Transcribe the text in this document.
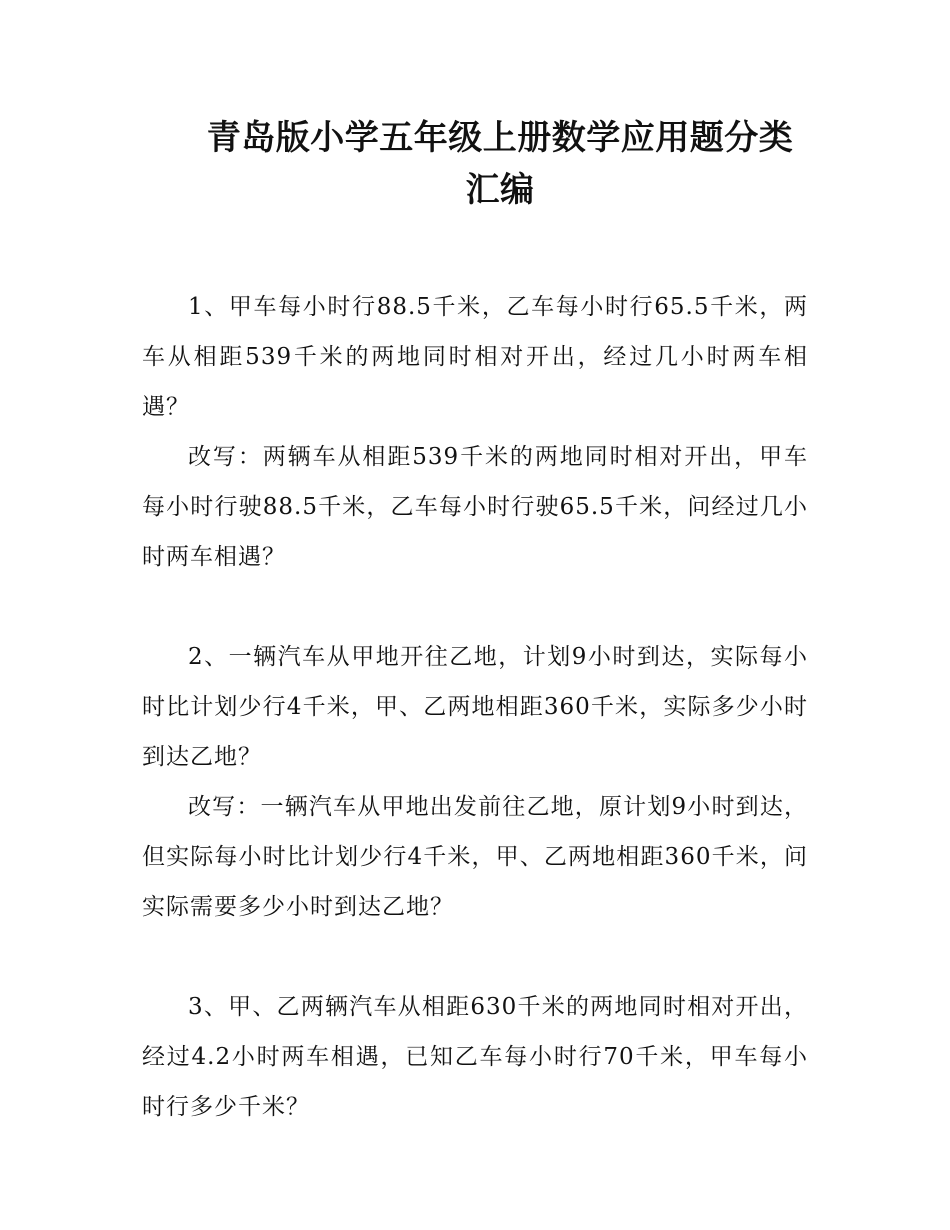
青岛版小学五年级上册数学应用题分类汇编

1、甲车每小时行88.5千米，乙车每小时行65.5千米，两车从相距539千米的两地同时相对开出，经过几小时两车相遇？

改写：两辆车从相距539千米的两地同时相对开出，甲车每小时行驶88.5千米，乙车每小时行驶65.5千米，问经过几小时两车相遇？

2、一辆汽车从甲地开往乙地，计划9小时到达，实际每小时比计划少行4千米，甲、乙两地相距360千米，实际多少小时到达乙地？

改写：一辆汽车从甲地出发前往乙地，原计划9小时到达，但实际每小时比计划少行4千米，甲、乙两地相距360千米，问实际需要多少小时到达乙地？

3、甲、乙两辆汽车从相距630千米的两地同时相对开出，经过4.2小时两车相遇，已知乙车每小时行70千米，甲车每小时行多少千米？
